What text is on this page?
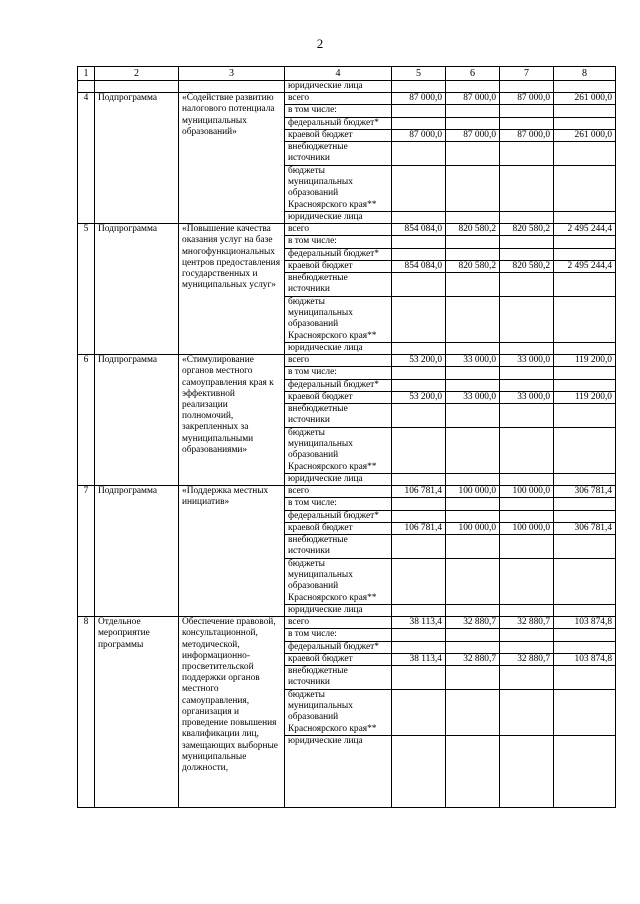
2
1	2	3	4	5	6	7	8
			юридические лица				
4	Подпрограмма	«Содействие развитию налогового потенциала муниципальных образований»	всего	87 000,0	87 000,0	87 000,0	261 000,0
			в том числе:				
			федеральный бюджет*				
			краевой бюджет	87 000,0	87 000,0	87 000,0	261 000,0
			внебюджетные источники				
			бюджеты муниципальных образований Красноярского края**				
			юридические лица				
5	Подпрограмма	«Повышение качества оказания услуг на базе многофункциональных центров предоставления государственных и муниципальных услуг»	всего	854 084,0	820 580,2	820 580,2	2 495 244,4
			в том числе:				
			федеральный бюджет*				
			краевой бюджет	854 084,0	820 580,2	820 580,2	2 495 244,4
			внебюджетные источники				
			бюджеты муниципальных образований Красноярского края**				
			юридические лица				
6	Подпрограмма	«Стимулирование органов местного самоуправления края к эффективной реализации полномочий, закрепленных за муниципальными образованиями»	всего	53 200,0	33 000,0	33 000,0	119 200,0
			в том числе:				
			федеральный бюджет*				
			краевой бюджет	53 200,0	33 000,0	33 000,0	119 200,0
			внебюджетные источники				
			бюджеты муниципальных образований Красноярского края**				
			юридические лица				
7	Подпрограмма	«Поддержка местных инициатив»	всего	106 781,4	100 000,0	100 000,0	306 781,4
			в том числе:				
			федеральный бюджет*				
			краевой бюджет	106 781,4	100 000,0	100 000,0	306 781,4
			внебюджетные источники				
			бюджеты муниципальных образований Красноярского края**				
			юридические лица				
8	Отдельное мероприятие программы	Обеспечение правовой, консультационной, методической, информационно-просветительской поддержки органов местного самоуправления, организация и проведение повышения квалификации лиц, замещающих выборные муниципальные должности,	всего	38 113,4	32 880,7	32 880,7	103 874,8
			в том числе:				
			федеральный бюджет*				
			краевой бюджет	38 113,4	32 880,7	32 880,7	103 874,8
			внебюджетные источники				
			бюджеты муниципальных образований Красноярского края**				
			юридические лица				
